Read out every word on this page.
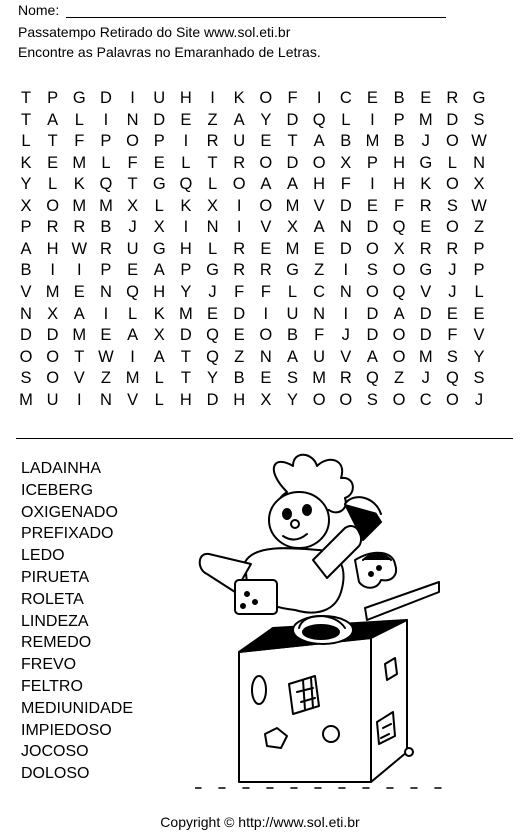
Nome:
Passatempo Retirado do Site www.sol.eti.br
Encontre as Palavras no Emaranhado de Letras.
T P G D	I	U H	I	K O F	I	C E B E R G
T A	L	I	N D E Z A Y D Q L	I	P M D S
L	T	F P O P	I	R U E T A B M B	J O W
K E M L	F E	L	T R O D O X P H G L N
Y	L	K Q T G Q L O A A H F	I	H K O X
X O M M X	L	K X	I	O M V D E F R S W
P R R B	J	X	I	N	I	V X A N D Q E O Z
A H W R U G H L R E M E D O X R R P
B	I	I	P E A P G R R G Z	I	S O G J	P
V M E N Q H Y	J	F	F	L C N O Q V	J	L
N X A	I	L	K M E D	I	U N	I	D A D E E
D D M E A X D Q E O B F	J	D O D F V
O O T W	I	A T Q Z N A U V A O M S Y
S O V Z M L	T Y B E S M R Q Z	J Q S
M U	I	N V	L H D H X Y O O S O C O J
LADAINHA
ICEBERG
OXIGENADO
PREFIXADO
LEDO
PIRUETA
ROLETA
LINDEZA
REMEDO
FREVO
FELTRO
MEDIUNIDADE
IMPIEDOSO
JOCOSO
DOLOSO
Copyright © http://www.sol.eti.br
